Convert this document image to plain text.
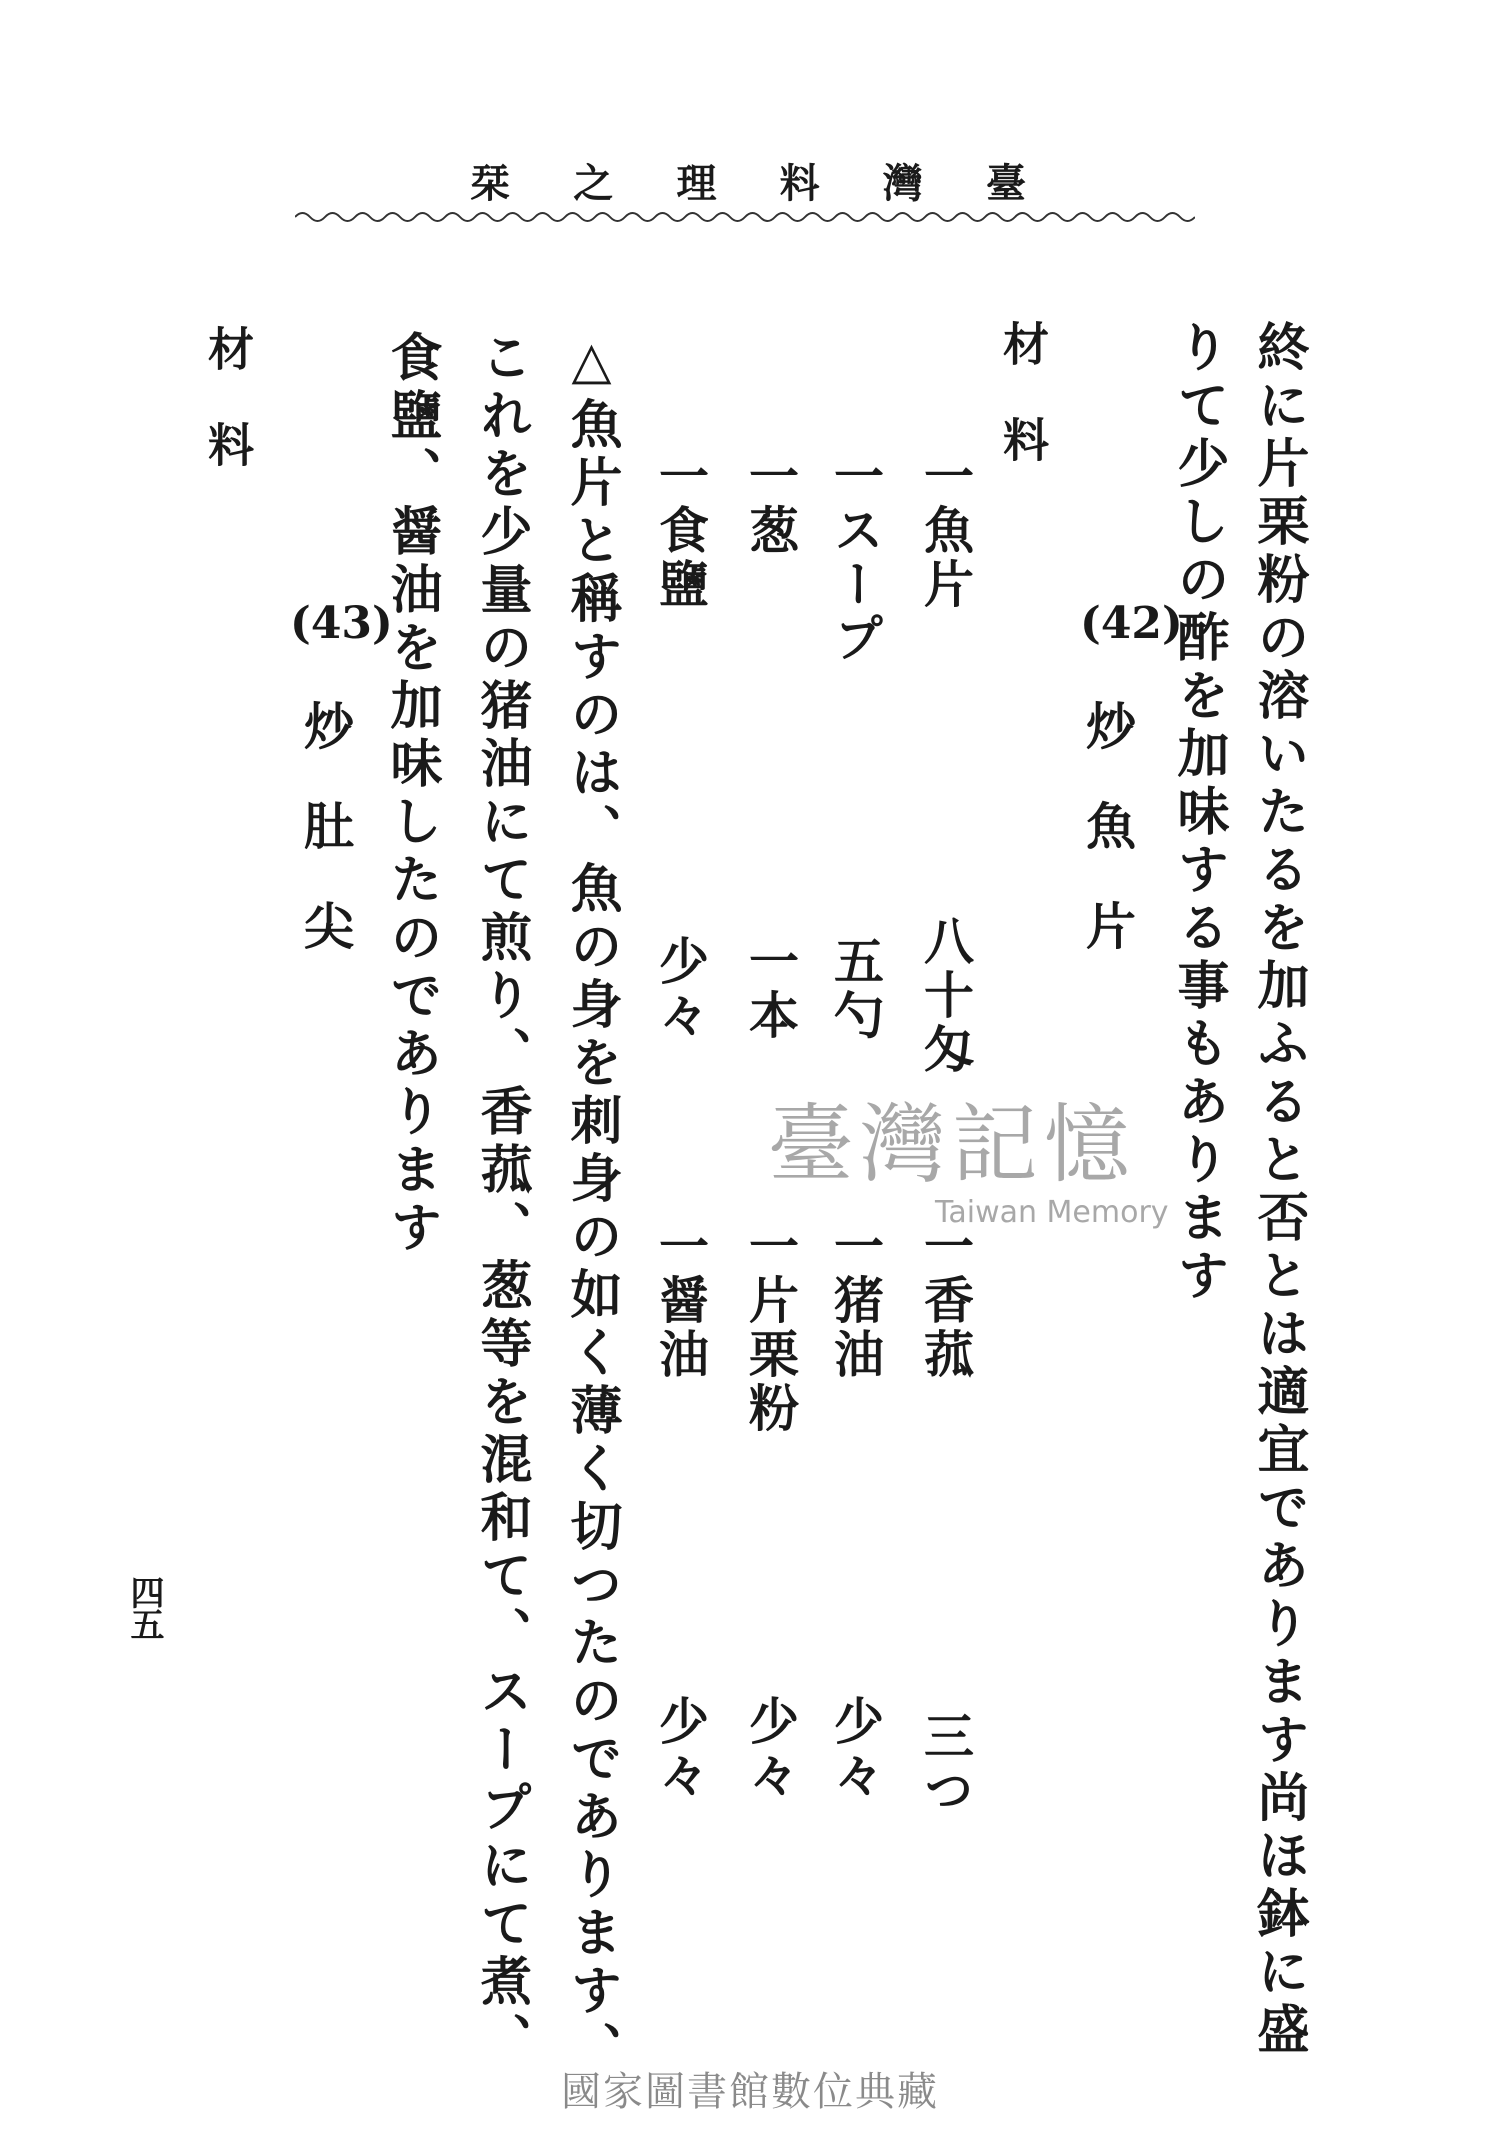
臺
灣
料
理
之
栞
終に片栗粉の溶いたるを加ふると否とは適宜であります尚ほ鉢に盛
りて少しの酢を加味する事もあります
材料
(42)
炒魚片
一魚片
八十匁
一香菰
三つ
一スープ
五勺
一猪油
少々
一葱
一本
一片栗粉
少々
一食鹽
少々
一醤油
少々
△魚片と稱すのは、魚の身を刺身の如く薄く切つたのであります、
これを少量の猪油にて煎り、香菰、葱等を混和て、スープにて煮、
食鹽、醤油を加味したのであります
(43)
炒肚尖
材料
四五
臺灣記憶
Taiwan Memory
國家圖書館數位典藏
